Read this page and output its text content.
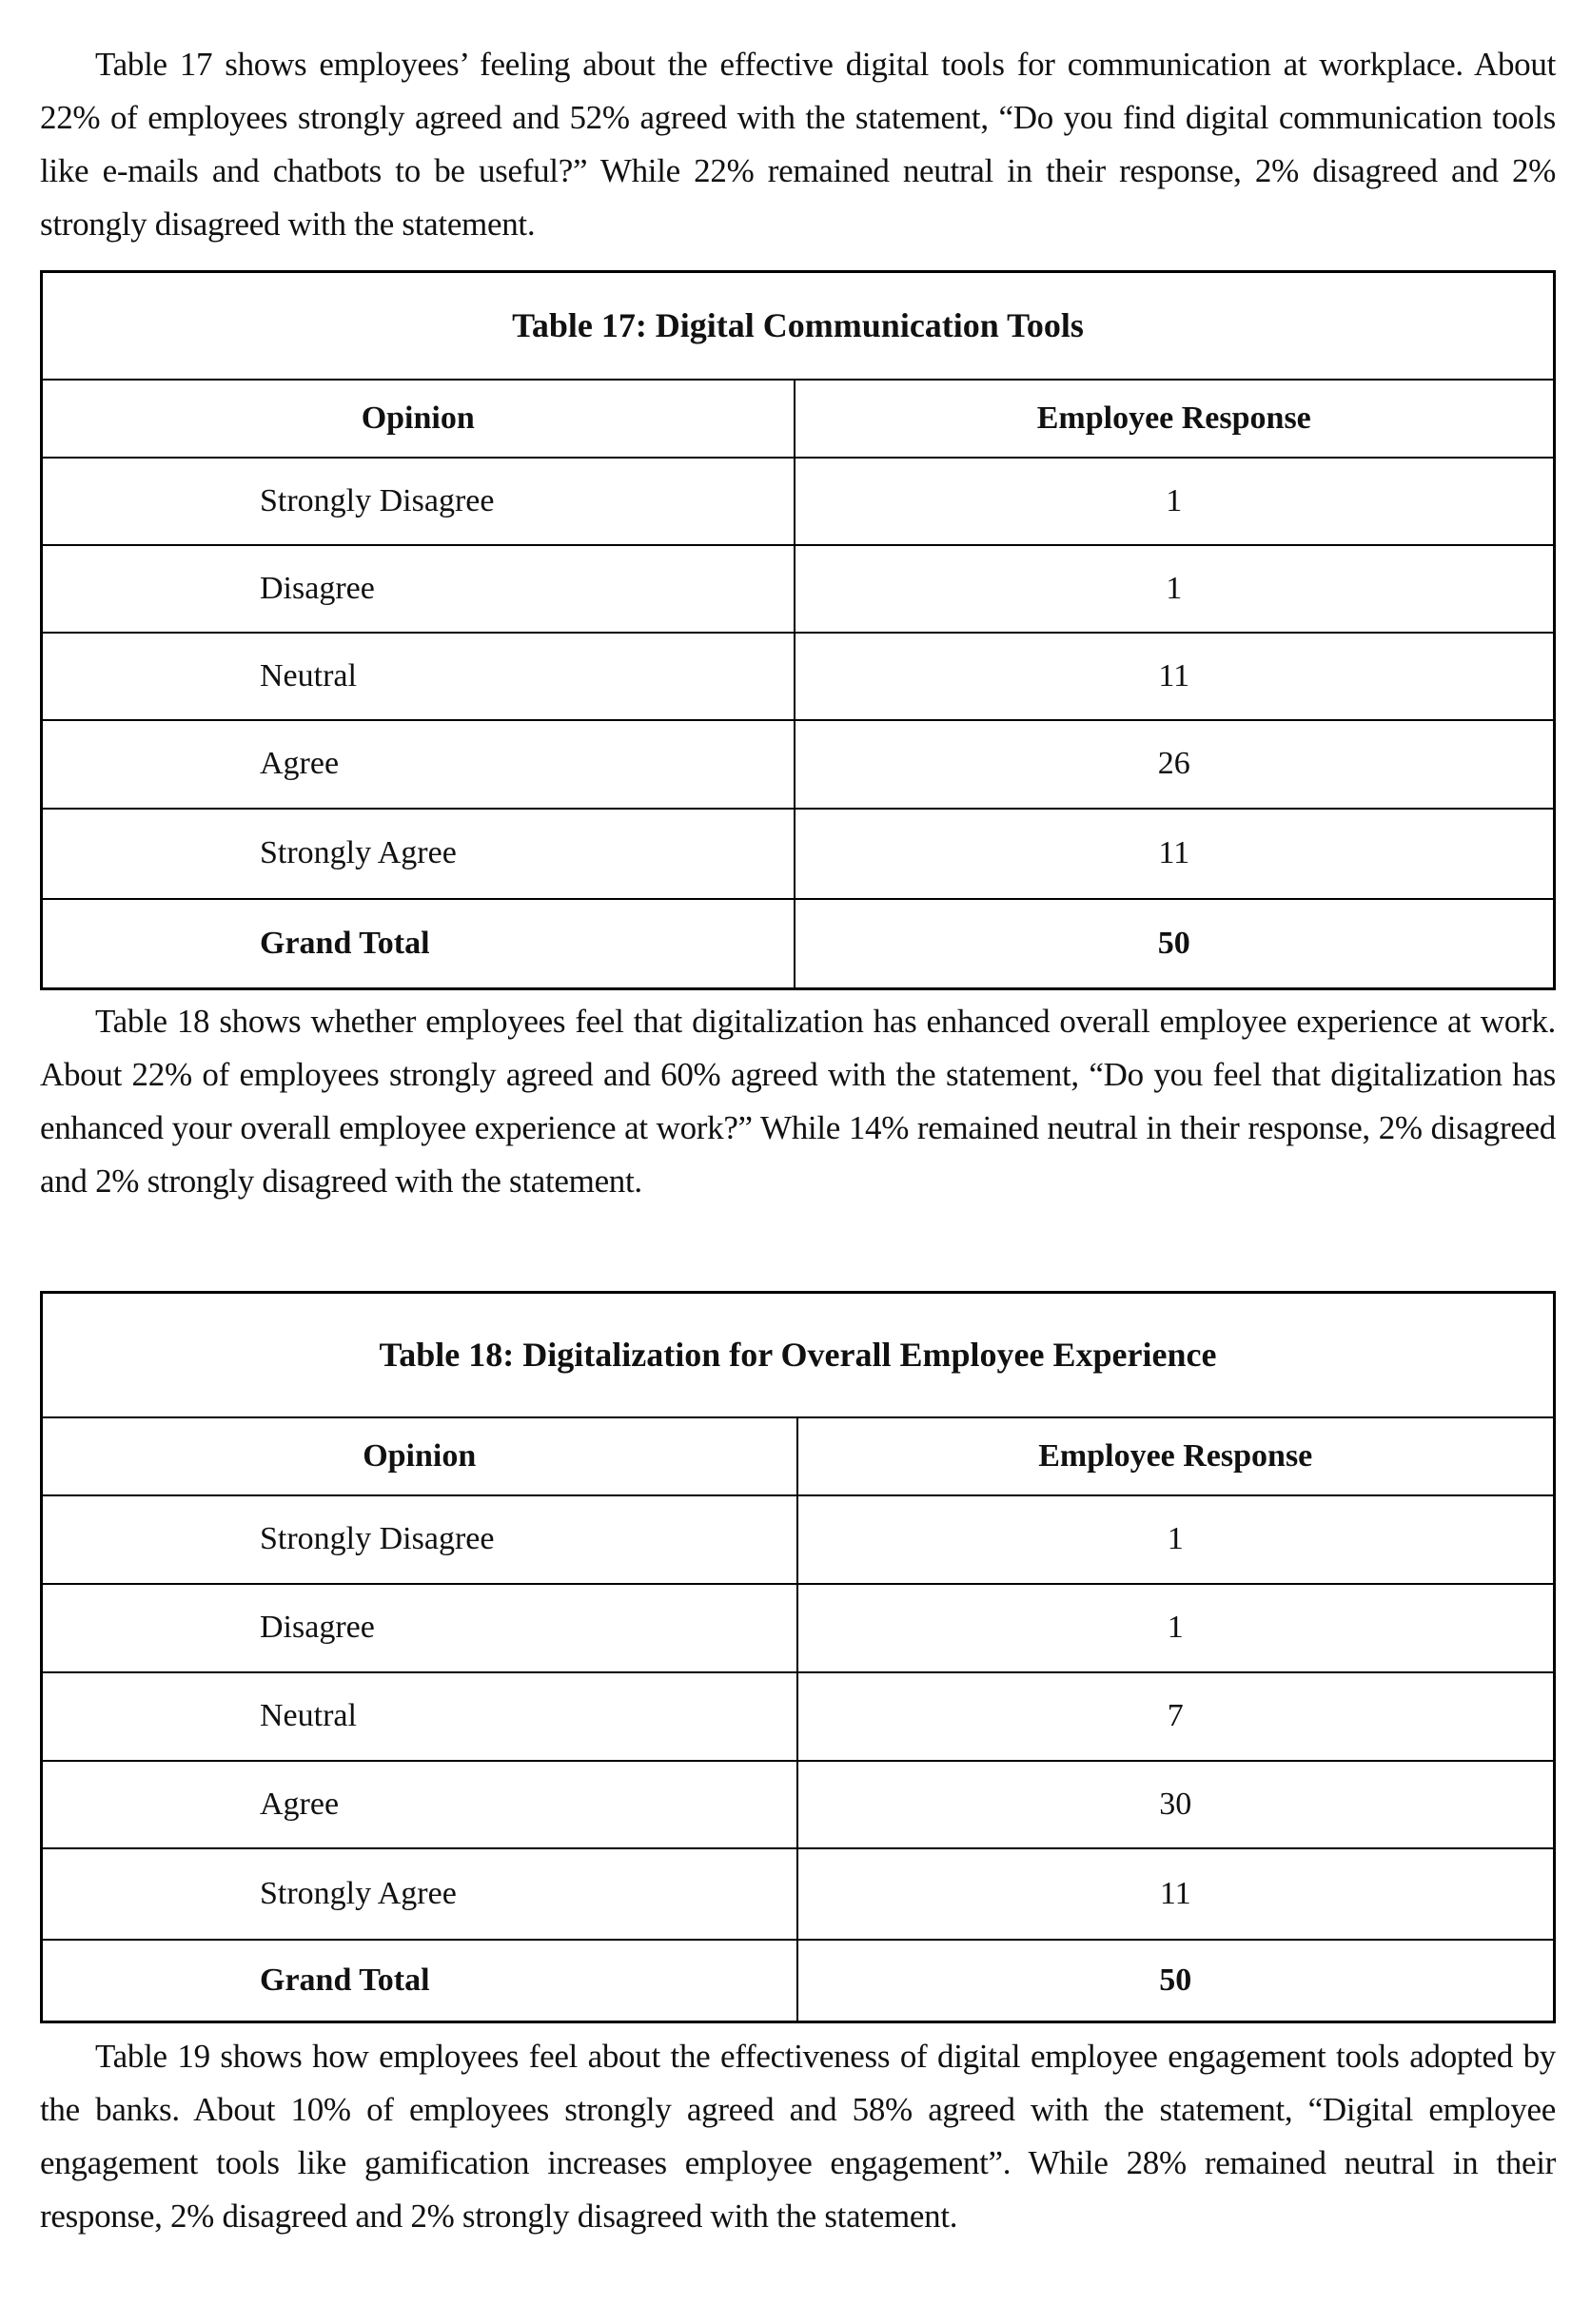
Table 17 shows employees’ feeling about the effective digital tools for communication at workplace. About 22% of employees strongly agreed and 52% agreed with the statement, “Do you find digital communication tools like e-mails and chatbots to be useful?” While 22% remained neutral in their response, 2% disagreed and 2% strongly disagreed with the statement.

Table 17: Digital Communication Tools	
Opinion	Employee Response
Strongly Disagree	1
Disagree	1
Neutral	11
Agree	26
Strongly Agree	11
Grand Total	50

Table 18 shows whether employees feel that digitalization has enhanced overall employee experience at work. About 22% of employees strongly agreed and 60% agreed with the statement, “Do you feel that digitalization has enhanced your overall employee experience at work?” While 14% remained neutral in their response, 2% disagreed and 2% strongly disagreed with the statement.

Table 18: Digitalization for Overall Employee Experience	
Opinion	Employee Response
Strongly Disagree	1
Disagree	1
Neutral	7
Agree	30
Strongly Agree	11
Grand Total	50

Table 19 shows how employees feel about the effectiveness of digital employee engagement tools adopted by the banks. About 10% of employees strongly agreed and 58% agreed with the statement, “Digital employee engagement tools like gamification increases employee engagement”. While 28% remained neutral in their response, 2% disagreed and 2% strongly disagreed with the statement.
